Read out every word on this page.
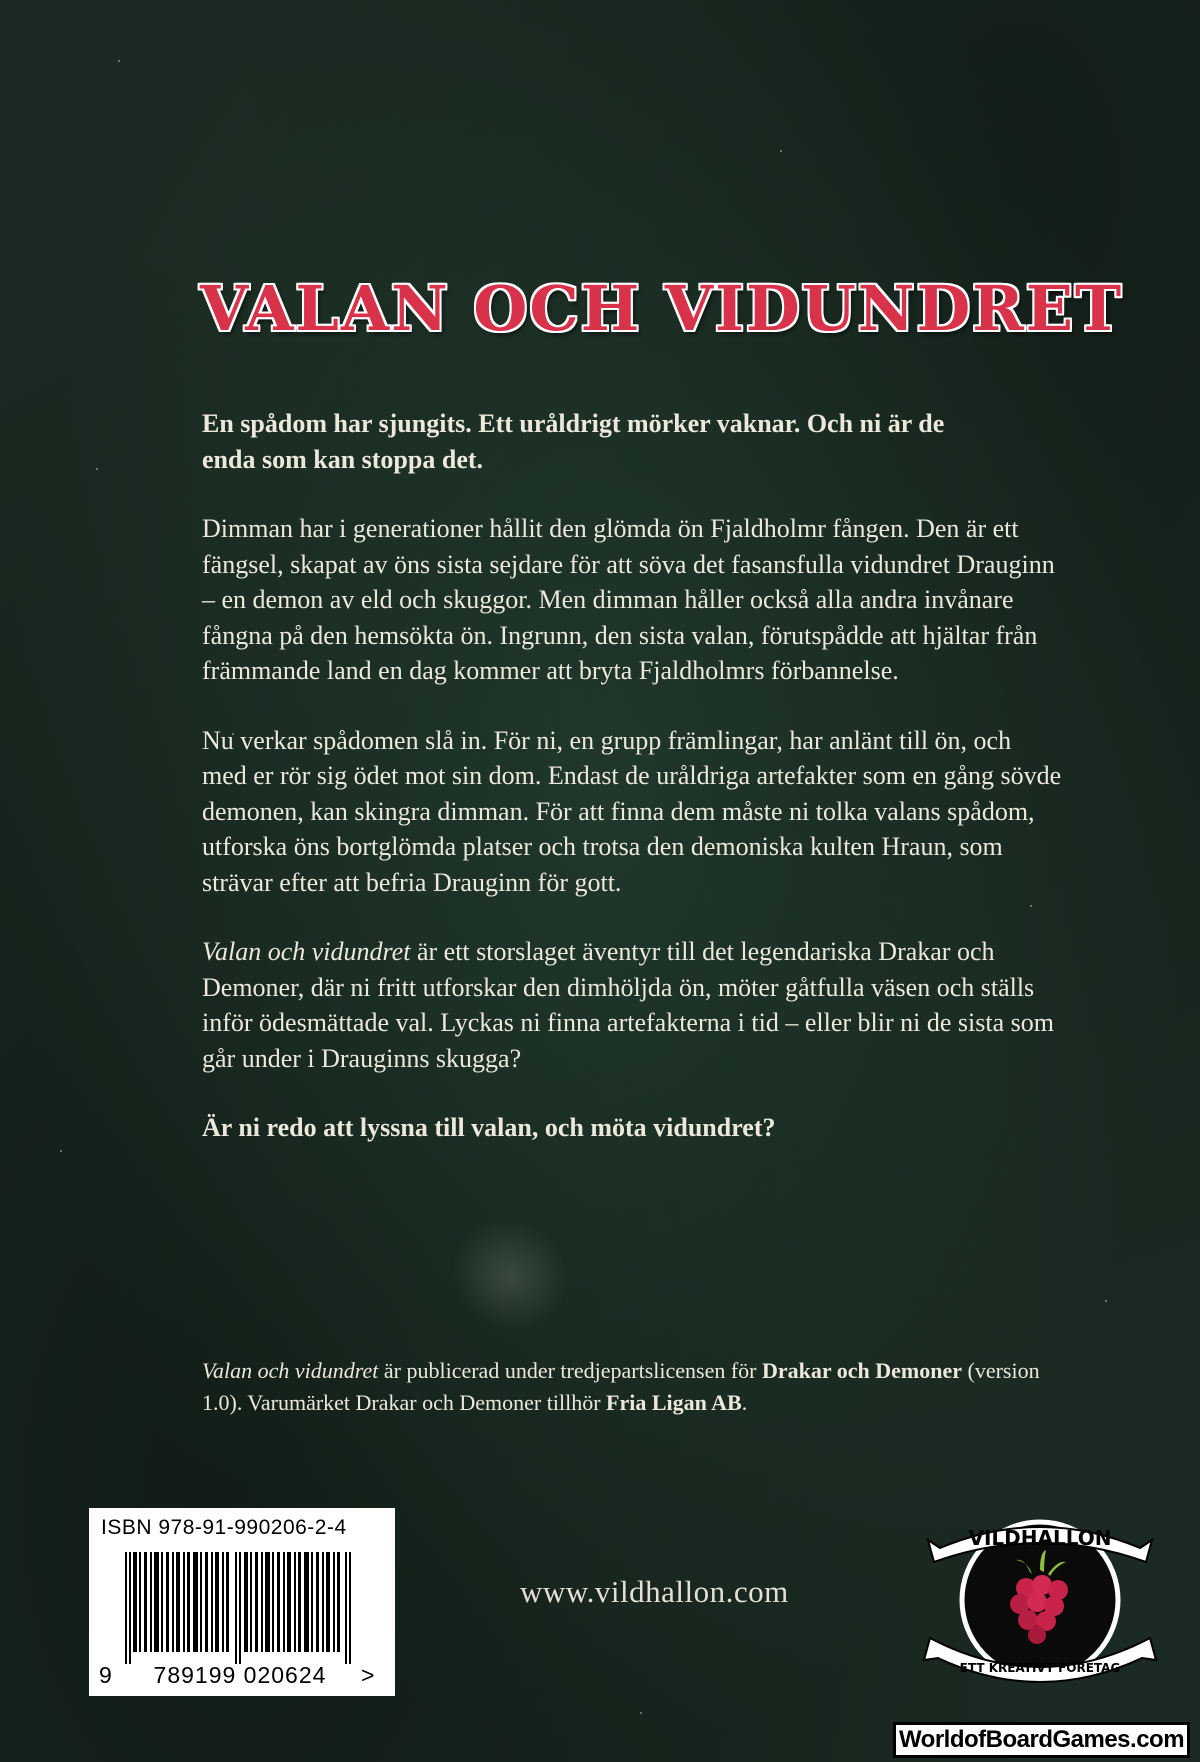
VALAN OCH VIDUNDRET

En spådom har sjungits. Ett uråldrigt mörker vaknar. Och ni är de
enda som kan stoppa det.

Dimman har i generationer hållit den glömda ön Fjaldholmr fången. Den är ett fängsel, skapat av öns sista sejdare för att söva det fasansfulla vidundret Drauginn – en demon av eld och skuggor. Men dimman håller också alla andra invånare fångna på den hemsökta ön. Ingrunn, den sista valan, förutspådde att hjältar från främmande land en dag kommer att bryta Fjaldholmrs förbannelse.

Nu verkar spådomen slå in. För ni, en grupp främlingar, har anlänt till ön, och med er rör sig ödet mot sin dom. Endast de uråldriga artefakter som en gång sövde demonen, kan skingra dimman. För att finna dem måste ni tolka valans spådom, utforska öns bortglömda platser och trotsa den demoniska kulten Hraun, som strävar efter att befria Drauginn för gott.

Valan och vidundret är ett storslaget äventyr till det legendariska Drakar och Demoner, där ni fritt utforskar den dimhöljda ön, möter gåtfulla väsen och ställs inför ödesmättade val. Lyckas ni finna artefakterna i tid – eller blir ni de sista som går under i Drauginns skugga?

Är ni redo att lyssna till valan, och möta vidundret?

Valan och vidundret är publicerad under tredjepartslicensen för Drakar och Demoner (version 1.0). Varumärket Drakar och Demoner tillhör Fria Ligan AB.
www.vildhallon.com
ISBN 978-91-990206-2-4
9	789199 020624	>
VILDHALLON
ETT KREATIVT FÖRETAG
WorldofBoardGames.com
